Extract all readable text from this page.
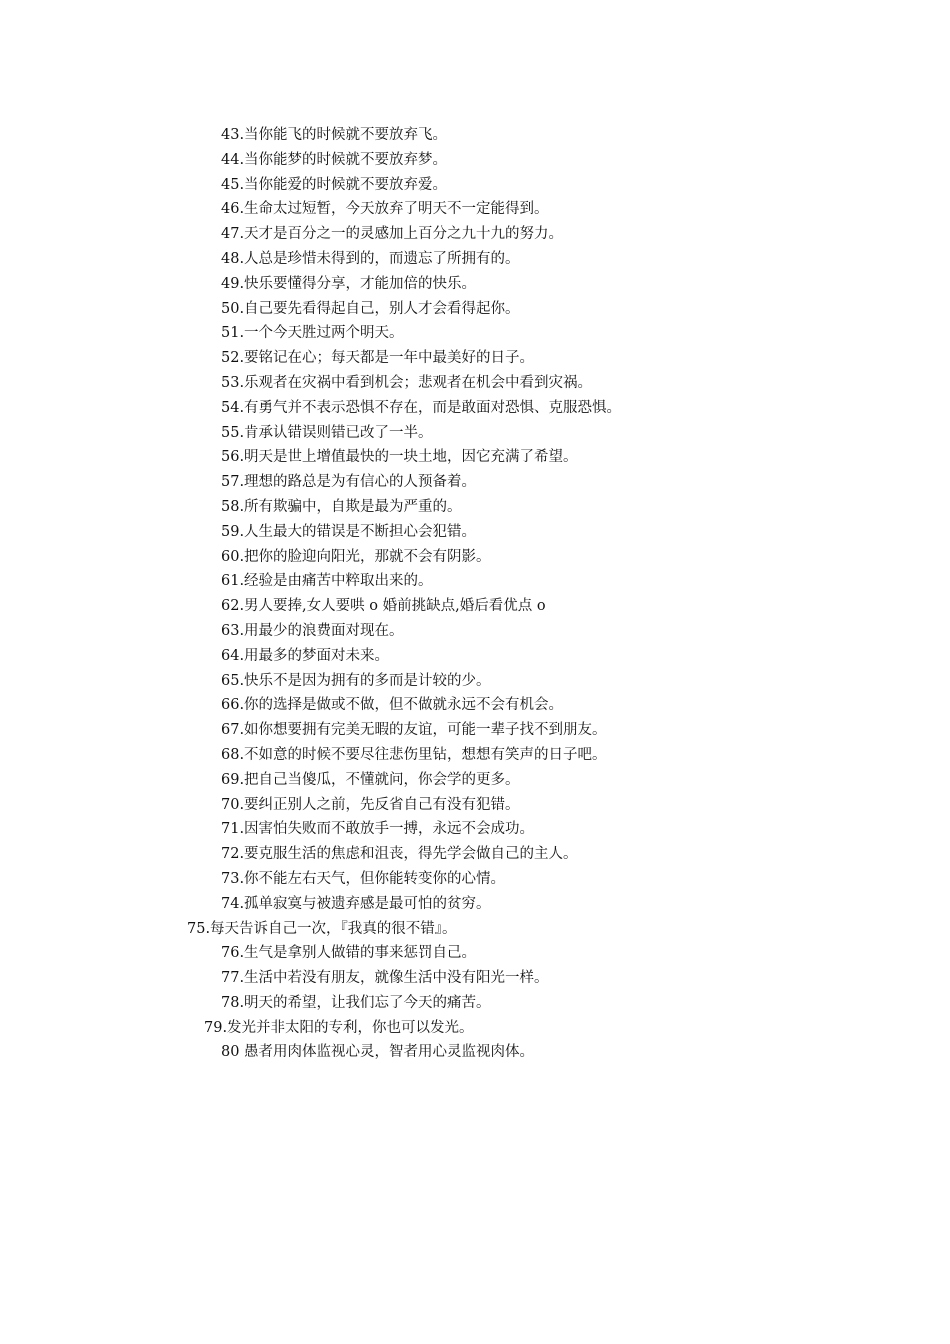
43.当你能飞的时候就不要放弃飞。
44.当你能梦的时候就不要放弃梦。
45.当你能爱的时候就不要放弃爱。
46.生命太过短暂，今天放弃了明天不一定能得到。
47.天才是百分之一的灵感加上百分之九十九的努力。
48.人总是珍惜未得到的，而遗忘了所拥有的。
49.快乐要懂得分享，才能加倍的快乐。
50.自己要先看得起自己，别人才会看得起你。
51.一个今天胜过两个明天。
52.要铭记在心；每天都是一年中最美好的日子。
53.乐观者在灾祸中看到机会；悲观者在机会中看到灾祸。
54.有勇气并不表示恐惧不存在，而是敢面对恐惧、克服恐惧。
55.肯承认错误则错已改了一半。
56.明天是世上增值最快的一块土地，因它充满了希望。
57.理想的路总是为有信心的人预备着。
58.所有欺骗中，自欺是最为严重的。
59.人生最大的错误是不断担心会犯错。
60.把你的脸迎向阳光，那就不会有阴影。
61.经验是由痛苦中粹取出来的。
62.男人要捧,女人要哄 o 婚前挑缺点,婚后看优点 o
63.用最少的浪费面对现在。
64.用最多的梦面对未来。
65.快乐不是因为拥有的多而是计较的少。
66.你的选择是做或不做，但不做就永远不会有机会。
67.如你想要拥有完美无暇的友谊，可能一辈子找不到朋友。
68.不如意的时候不要尽往悲伤里钻，想想有笑声的日子吧。
69.把自己当傻瓜，不懂就问，你会学的更多。
70.要纠正别人之前，先反省自己有没有犯错。
71.因害怕失败而不敢放手一搏，永远不会成功。
72.要克服生活的焦虑和沮丧，得先学会做自己的主人。
73.你不能左右天气，但你能转变你的心情。
74.孤单寂寞与被遗弃感是最可怕的贫穷。
75.每天告诉自己一次，『我真的很不错』。
76.生气是拿别人做错的事来惩罚自己。
77.生活中若没有朋友，就像生活中没有阳光一样。
78.明天的希望，让我们忘了今天的痛苦。
79.发光并非太阳的专利，你也可以发光。
80 愚者用肉体监视心灵，智者用心灵监视肉体。
